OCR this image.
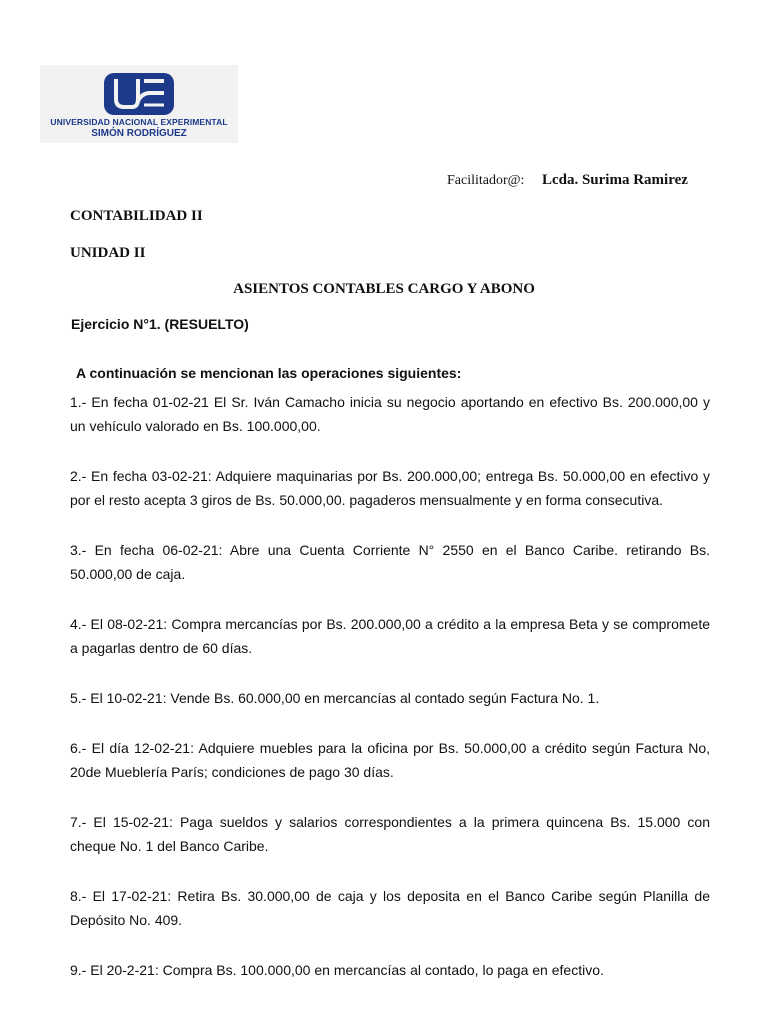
UNIVERSIDAD NACIONAL EXPERIMENTAL
SIMÓN RODRÍGUEZ
Facilitador@: Lcda. Surima Ramirez
CONTABILIDAD II
UNIDAD II
ASIENTOS CONTABLES CARGO Y ABONO
Ejercicio N°1. (RESUELTO)
A continuación se mencionan las operaciones siguientes:
1.- En fecha 01-02-21 El Sr. Iván Camacho inicia su negocio aportando en efectivo Bs. 200.000,00 y un vehículo valorado en Bs. 100.000,00.
2.- En fecha 03-02-21: Adquiere maquinarias por Bs. 200.000,00; entrega Bs. 50.000,00 en efectivo y por el resto acepta 3 giros de Bs. 50.000,00. pagaderos mensualmente y en forma consecutiva.
3.- En fecha 06-02-21: Abre una Cuenta Corriente N° 2550 en el Banco Caribe. retirando Bs. 50.000,00 de caja.
4.- El 08-02-21: Compra mercancías por Bs. 200.000,00 a crédito a la empresa Beta y se compromete a pagarlas dentro de 60 días.
5.- El 10-02-21: Vende Bs. 60.000,00 en mercancías al contado según Factura No. 1.
6.- El día 12-02-21: Adquiere muebles para la oficina por Bs. 50.000,00 a crédito según Factura No, 20de Mueblería París; condiciones de pago 30 días.
7.- El 15-02-21: Paga sueldos y salarios correspondientes a la primera quincena Bs. 15.000 con cheque No. 1 del Banco Caribe.
8.- El 17-02-21: Retira Bs. 30.000,00 de caja y los deposita en el Banco Caribe según Planilla de Depósito No. 409.
9.- El 20-2-21: Compra Bs. 100.000,00 en mercancías al contado, lo paga en efectivo.
